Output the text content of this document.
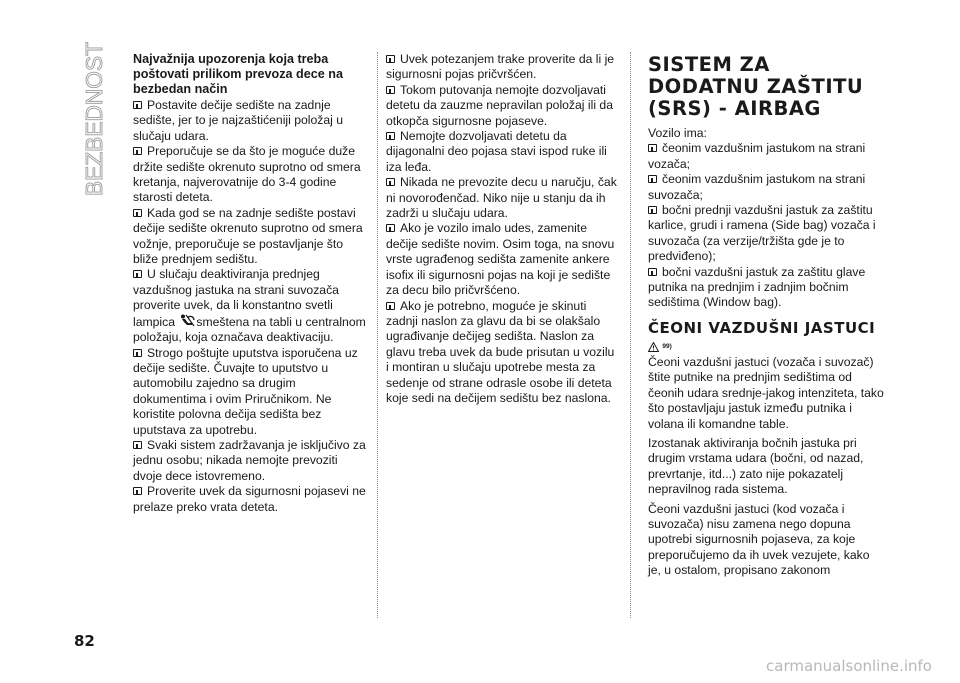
BEZBEDNOST
82

Najvažnija upozorenja koja treba poštovati prilikom prevoza dece na bezbedan način

Postavite dečije sedište na zadnje sedište, jer to je najzaštićeniji položaj u slučaju udara.

Preporučuje se da što je moguće duže držite sedište okrenuto suprotno od smera kretanja, najverovatnije do 3-4 godine starosti deteta.

Kada god se na zadnje sedište postavi dečije sedište okrenuto suprotno od smera vožnje, preporučuje se postavljanje što bliže prednjem sedištu.

U slučaju deaktiviranja prednjeg vazdušnog jastuka na strani suvozača proverite uvek, da li konstantno svetli lampica smeštena na tabli u centralnom položaju, koja označava deaktivaciju.

Strogo poštujte uputstva isporučena uz dečije sedište. Čuvajte to uputstvo u automobilu zajedno sa drugim dokumentima i ovim Priručnikom. Ne koristite polovna dečija sedišta bez uputstava za upotrebu.

Svaki sistem zadržavanja je isključivo za jednu osobu; nikada nemojte prevoziti dvoje dece istovremeno.

Proverite uvek da sigurnosni pojasevi ne prelaze preko vrata deteta.

Uvek potezanjem trake proverite da li je sigurnosni pojas pričvršćen.

Tokom putovanja nemojte dozvoljavati detetu da zauzme nepravilan položaj ili da otkopča sigurnosne pojaseve.

Nemojte dozvoljavati detetu da dijagonalni deo pojasa stavi ispod ruke ili iza leđa.

Nikada ne prevozite decu u naručju, čak ni novorođenčad. Niko nije u stanju da ih zadrži u slučaju udara.

Ako je vozilo imalo udes, zamenite dečije sedište novim. Osim toga, na snovu vrste ugrađenog sedišta zamenite ankere isofix ili sigurnosni pojas na koji je sedište za decu bilo pričvršćeno.

Ako je potrebno, moguće je skinuti zadnji naslon za glavu da bi se olakšalo ugrađivanje dečijeg sedišta. Naslon za glavu treba uvek da bude prisutan u vozilu i montiran u slučaju upotrebe mesta za sedenje od strane odrasle osobe ili deteta koje sedi na dečijem sedištu bez naslona.

SISTEM ZA DODATNU ZAŠTITU (SRS) - AIRBAG

Vozilo ima:

čeonim vazdušnim jastukom na strani vozača;

čeonim vazdušnim jastukom na strani suvozača;

bočni prednji vazdušni jastuk za zaštitu karlice, grudi i ramena (Side bag) vozača i suvozača (za verzije/tržišta gde je to predviđeno);

bočni vazdušni jastuk za zaštitu glave putnika na prednjim i zadnjim bočnim sedištima (Window bag).

ČEONI VAZDUŠNI JASTUCI
99)

Čeoni vazdušni jastuci (vozača i suvozač) štite putnike na prednjim sedištima od čeonih udara srednje-jakog intenziteta, tako što postavljaju jastuk između putnika i volana ili komandne table.

Izostanak aktiviranja bočnih jastuka pri drugim vrstama udara (bočni, od nazad, prevrtanje, itd...) zato nije pokazatelj nepravilnog rada sistema.

Čeoni vazdušni jastuci (kod vozača i suvozača) nisu zamena nego dopuna upotrebi sigurnosnih pojaseva, za koje preporučujemo da ih uvek vezujete, kako je, u ostalom, propisano zakonom

carmanualsonline.info
